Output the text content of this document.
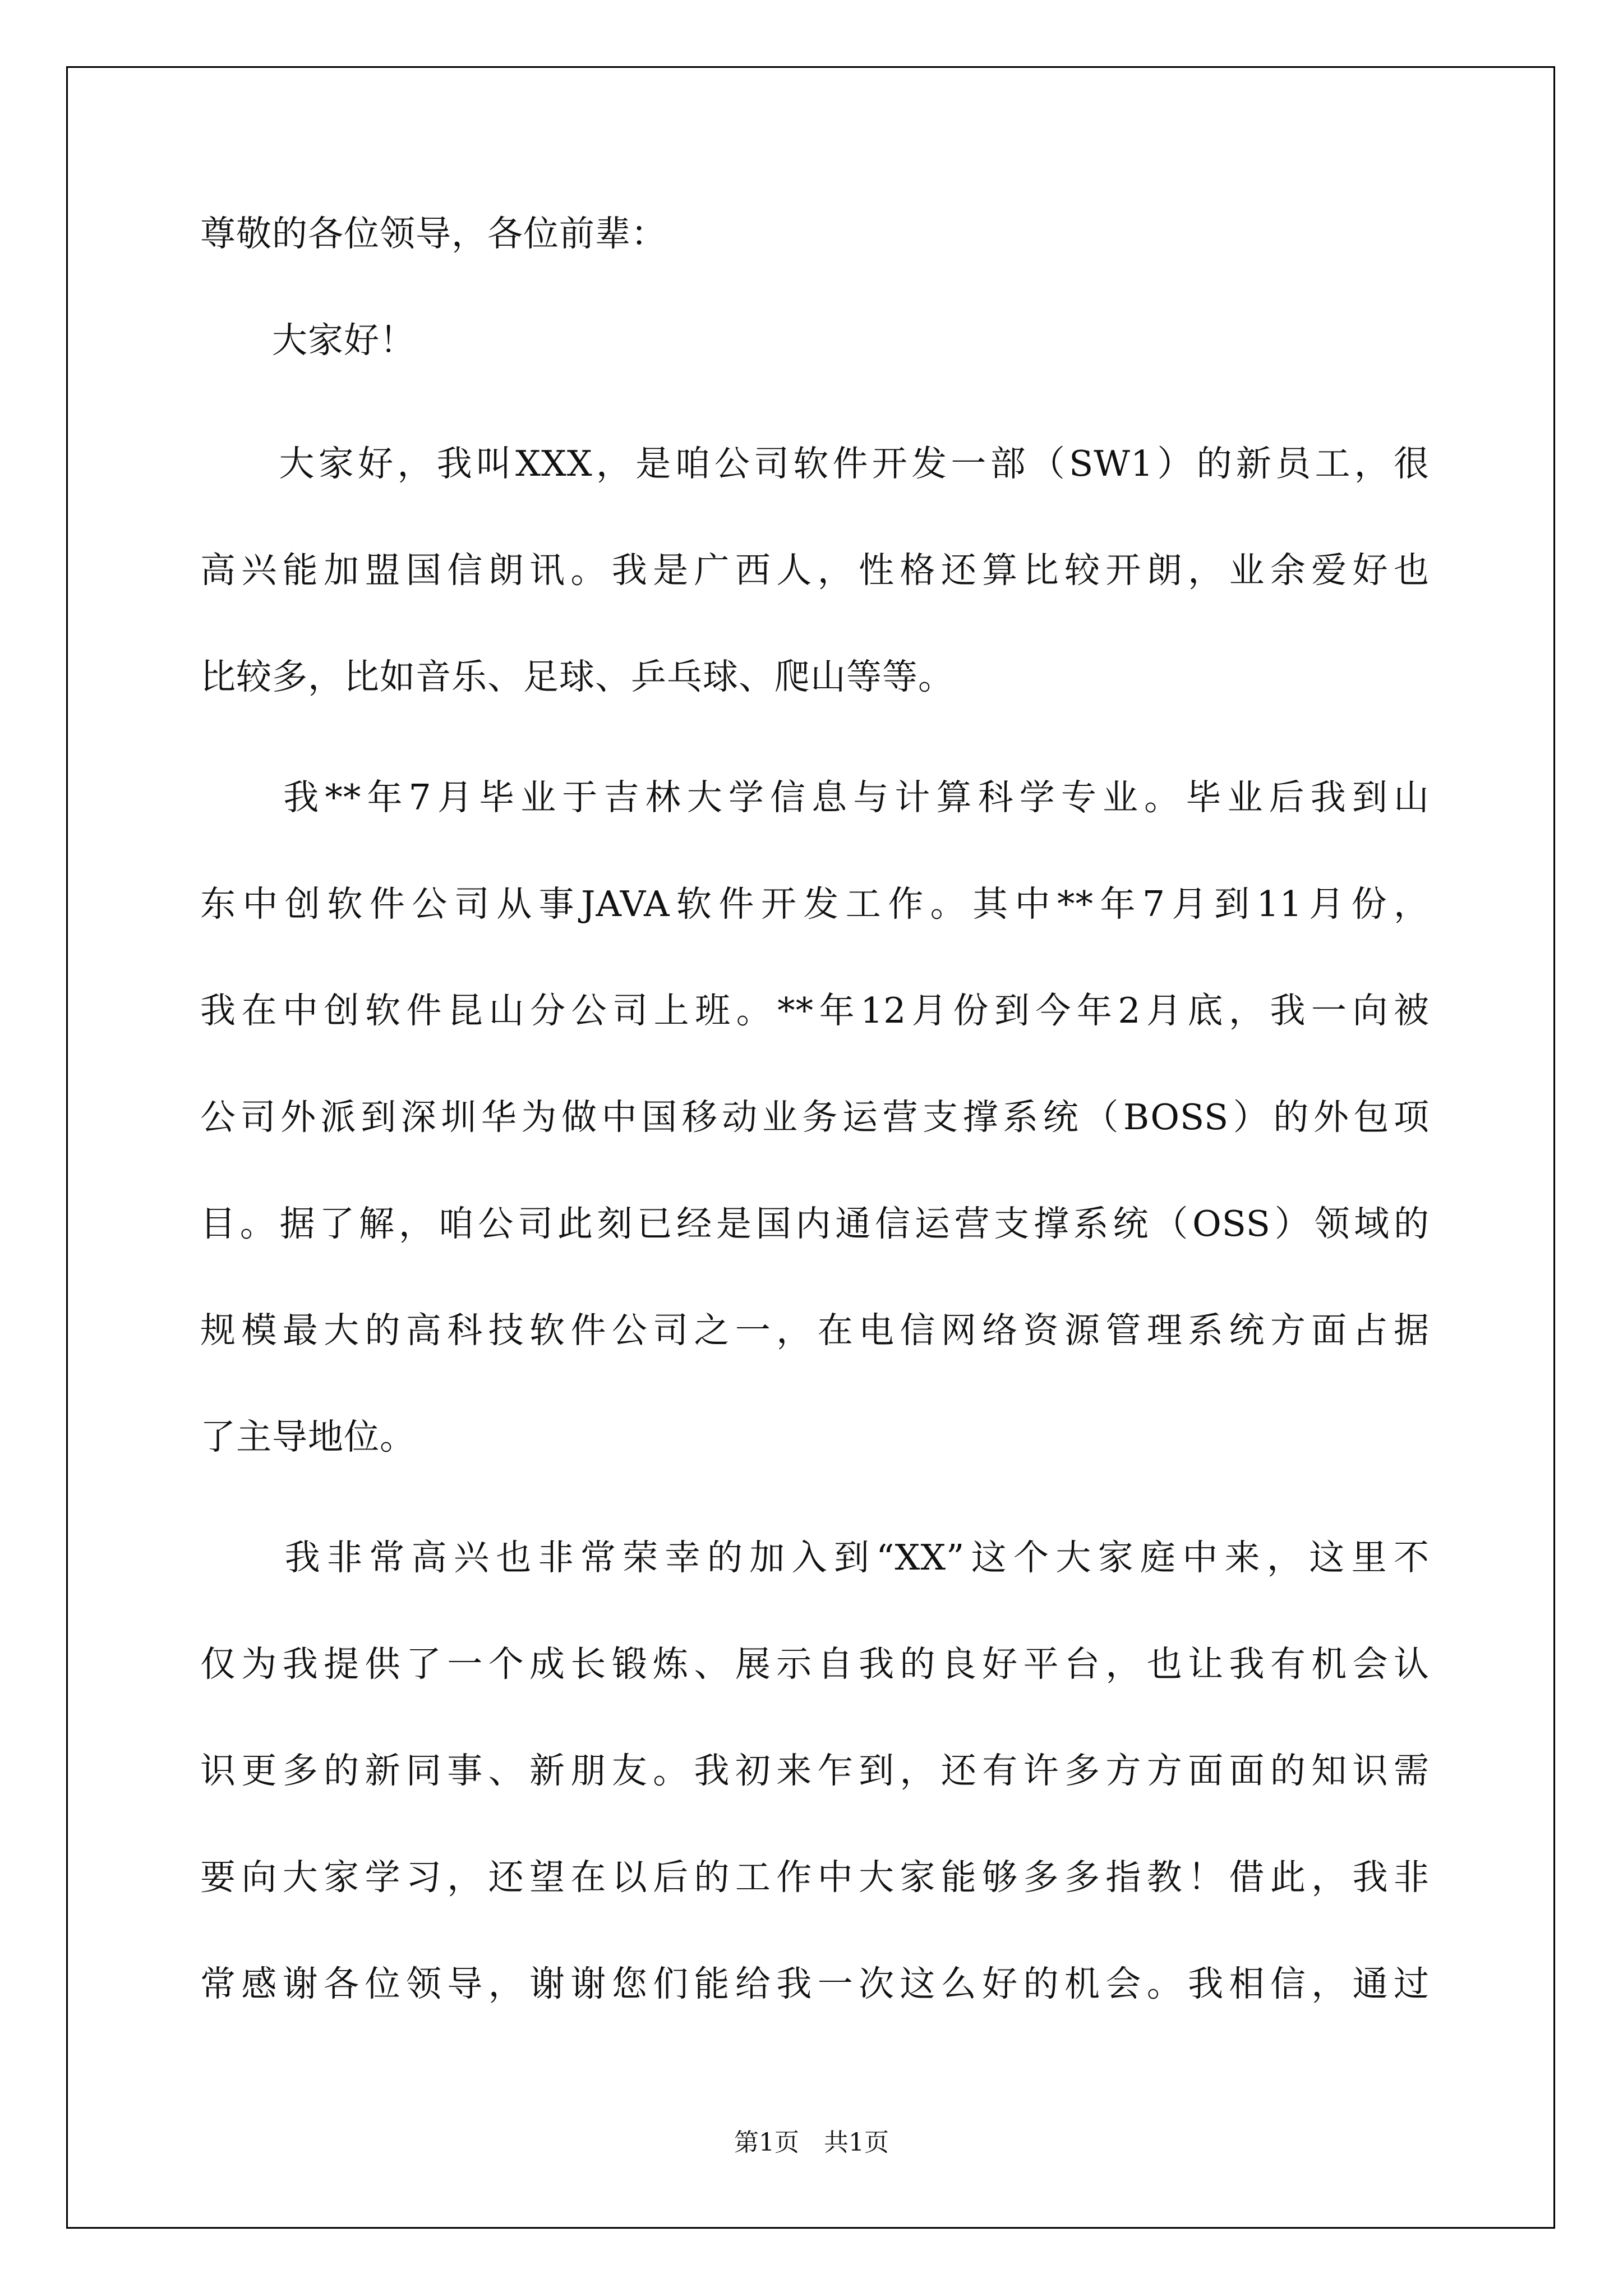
尊敬的各位领导，各位前辈：
　　大家好！
　　大家好，我叫XXX，是咱公司软件开发一部（SW1）的新员工，很
高兴能加盟国信朗讯。我是广西人，性格还算比较开朗，业余爱好也
比较多，比如音乐、足球、乒乓球、爬山等等。
　　我**年7月毕业于吉林大学信息与计算科学专业。毕业后我到山
东中创软件公司从事JAVA软件开发工作。其中**年7月到11月份，
我在中创软件昆山分公司上班。**年12月份到今年2月底，我一向被
公司外派到深圳华为做中国移动业务运营支撑系统（BOSS）的外包项
目。据了解，咱公司此刻已经是国内通信运营支撑系统（OSS）领域的
规模最大的高科技软件公司之一，在电信网络资源管理系统方面占据
了主导地位。
　　我非常高兴也非常荣幸的加入到“XX”这个大家庭中来，这里不
仅为我提供了一个成长锻炼、展示自我的良好平台，也让我有机会认
识更多的新同事、新朋友。我初来乍到，还有许多方方面面的知识需
要向大家学习，还望在以后的工作中大家能够多多指教！借此，我非
常感谢各位领导，谢谢您们能给我一次这么好的机会。我相信，通过
第1页　共1页
